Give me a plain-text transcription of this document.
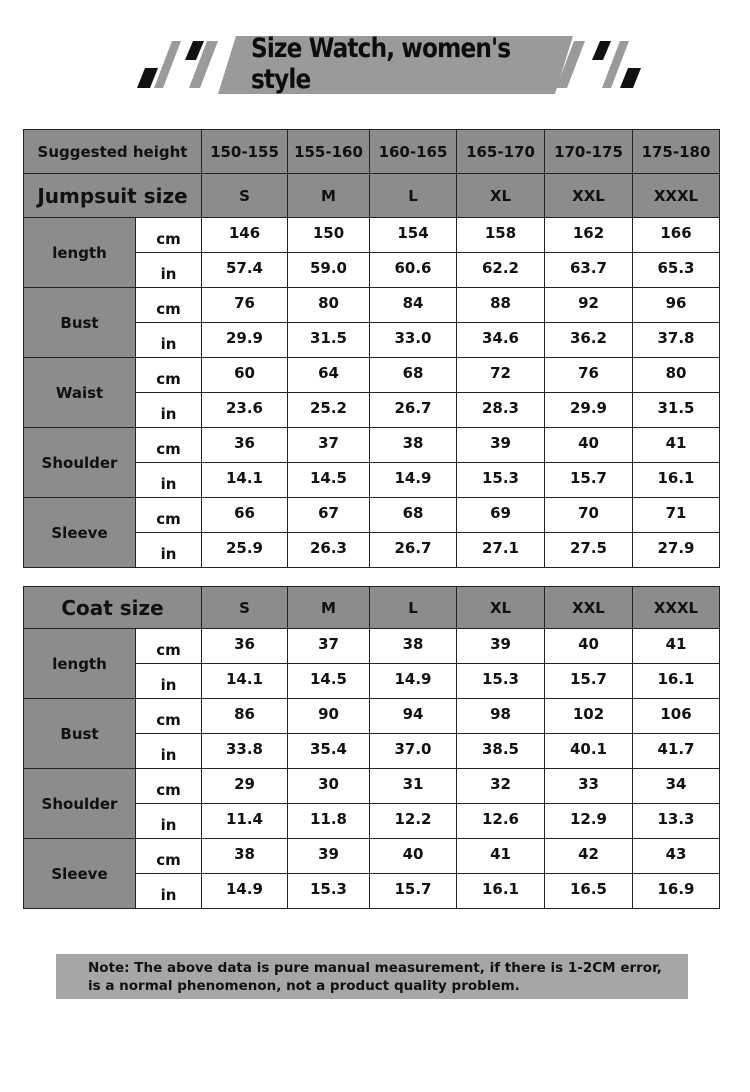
Size Watch, women's style
Suggested height		150-155	155-160	160-165	165-170	170-175	175-180
Jumpsuit size		S	M	L	XL	XXL	XXXL
length	cm	146	150	154	158	162	166
	in	57.4	59.0	60.6	62.2	63.7	65.3
Bust	cm	76	80	84	88	92	96
	in	29.9	31.5	33.0	34.6	36.2	37.8
Waist	cm	60	64	68	72	76	80
	in	23.6	25.2	26.7	28.3	29.9	31.5
Shoulder	cm	36	37	38	39	40	41
	in	14.1	14.5	14.9	15.3	15.7	16.1
Sleeve	cm	66	67	68	69	70	71
	in	25.9	26.3	26.7	27.1	27.5	27.9
Coat size		S	M	L	XL	XXL	XXXL
length	cm	36	37	38	39	40	41
	in	14.1	14.5	14.9	15.3	15.7	16.1
Bust	cm	86	90	94	98	102	106
	in	33.8	35.4	37.0	38.5	40.1	41.7
Shoulder	cm	29	30	31	32	33	34
	in	11.4	11.8	12.2	12.6	12.9	13.3
Sleeve	cm	38	39	40	41	42	43
	in	14.9	15.3	15.7	16.1	16.5	16.9
Note: The above data is pure manual measurement, if there is 1-2CM error,
is a normal phenomenon, not a product quality problem.
